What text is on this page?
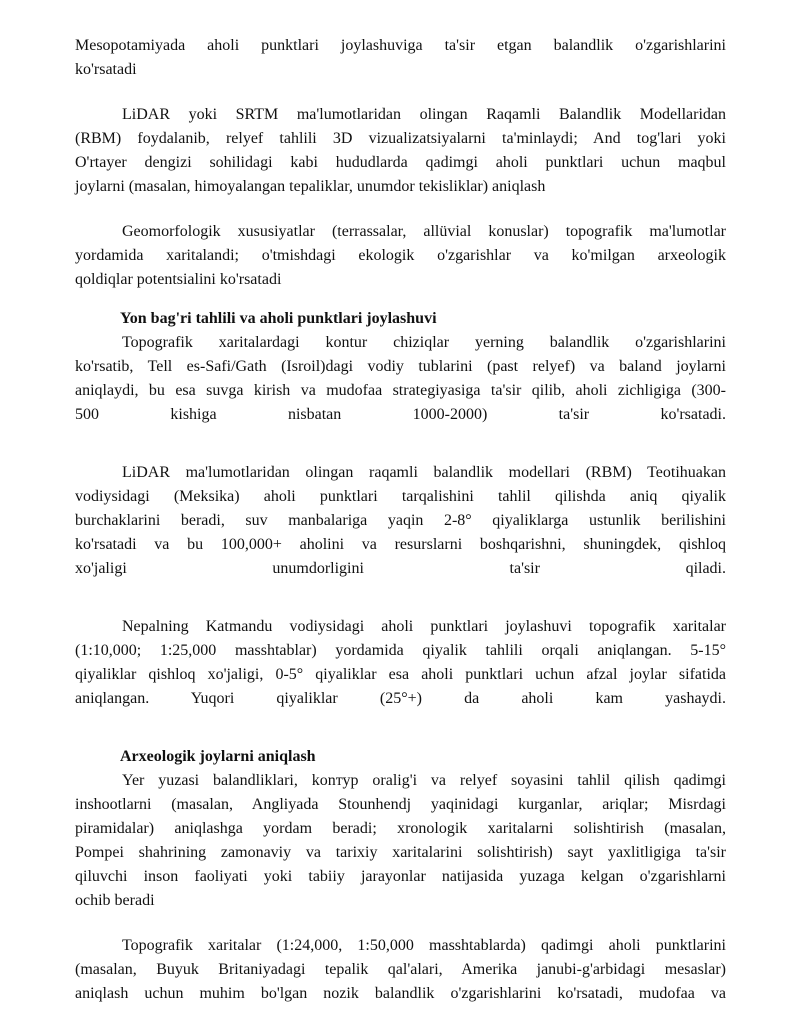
Mesopotamiyada aholi punktlari joylashuviga ta'sir etgan balandlik o'zgarishlarini
ko'rsatadi
LiDAR yoki SRTM ma'lumotlaridan olingan Raqamli Balandlik Modellaridan
(RBM) foydalanib, relyef tahlili 3D vizualizatsiyalarni ta'minlaydi; And tog'lari yoki
O'rtayer dengizi sohilidagi kabi hududlarda qadimgi aholi punktlari uchun maqbul
joylarni (masalan, himoyalangan tepaliklar, unumdor tekisliklar) aniqlash
Geomorfologik xususiyatlar (terrassalar, allüvial konuslar) topografik ma'lumotlar
yordamida xaritalandi; o'tmishdagi ekologik o'zgarishlar va ko'milgan arxeologik
qoldiqlar potentsialini ko'rsatadi
Yon bag'ri tahlili va aholi punktlari joylashuvi
Topografik xaritalardagi kontur chiziqlar yerning balandlik o'zgarishlarini
ko'rsatib, Tell es-Safi/Gath (Isroil)dagi vodiy tublarini (past relyef) va baland joylarni
aniqlaydi, bu esa suvga kirish va mudofaa strategiyasiga ta'sir qilib, aholi zichligiga (300-
500 kishiga nisbatan 1000-2000) ta'sir ko'rsatadi.
LiDAR ma'lumotlaridan olingan raqamli balandlik modellari (RBM) Teotihuakan
vodiysidagi (Meksika) aholi punktlari tarqalishini tahlil qilishda aniq qiyalik
burchaklarini beradi, suv manbalariga yaqin 2-8° qiyaliklarga ustunlik berilishini
ko'rsatadi va bu 100,000+ aholini va resurslarni boshqarishni, shuningdek, qishloq
xo'jaligi unumdorligini ta'sir qiladi.
Nepalning Katmandu vodiysidagi aholi punktlari joylashuvi topografik xaritalar
(1:10,000; 1:25,000 masshtablar) yordamida qiyalik tahlili orqali aniqlangan. 5-15°
qiyaliklar qishloq xo'jaligi, 0-5° qiyaliklar esa aholi punktlari uchun afzal joylar sifatida
aniqlangan. Yuqori qiyaliklar (25°+) da aholi kam yashaydi.
Arxeologik joylarni aniqlash
Yer yuzasi balandliklari, konтур oralig'i va relyef soyasini tahlil qilish qadimgi
inshootlarni (masalan, Angliyada Stounhendj yaqinidagi kurganlar, ariqlar; Misrdagi
piramidalar) aniqlashga yordam beradi; xronologik xaritalarni solishtirish (masalan,
Pompei shahrining zamonaviy va tarixiy xaritalarini solishtirish) sayt yaxlitligiga ta'sir
qiluvchi inson faoliyati yoki tabiiy jarayonlar natijasida yuzaga kelgan o'zgarishlarni
ochib beradi
Topografik xaritalar (1:24,000, 1:50,000 masshtablarda) qadimgi aholi punktlarini
(masalan, Buyuk Britaniyadagi tepalik qal'alari, Amerika janubi-g'arbidagi mesaslar)
aniqlash uchun muhim bo'lgan nozik balandlik o'zgarishlarini ko'rsatadi, mudofaa va
